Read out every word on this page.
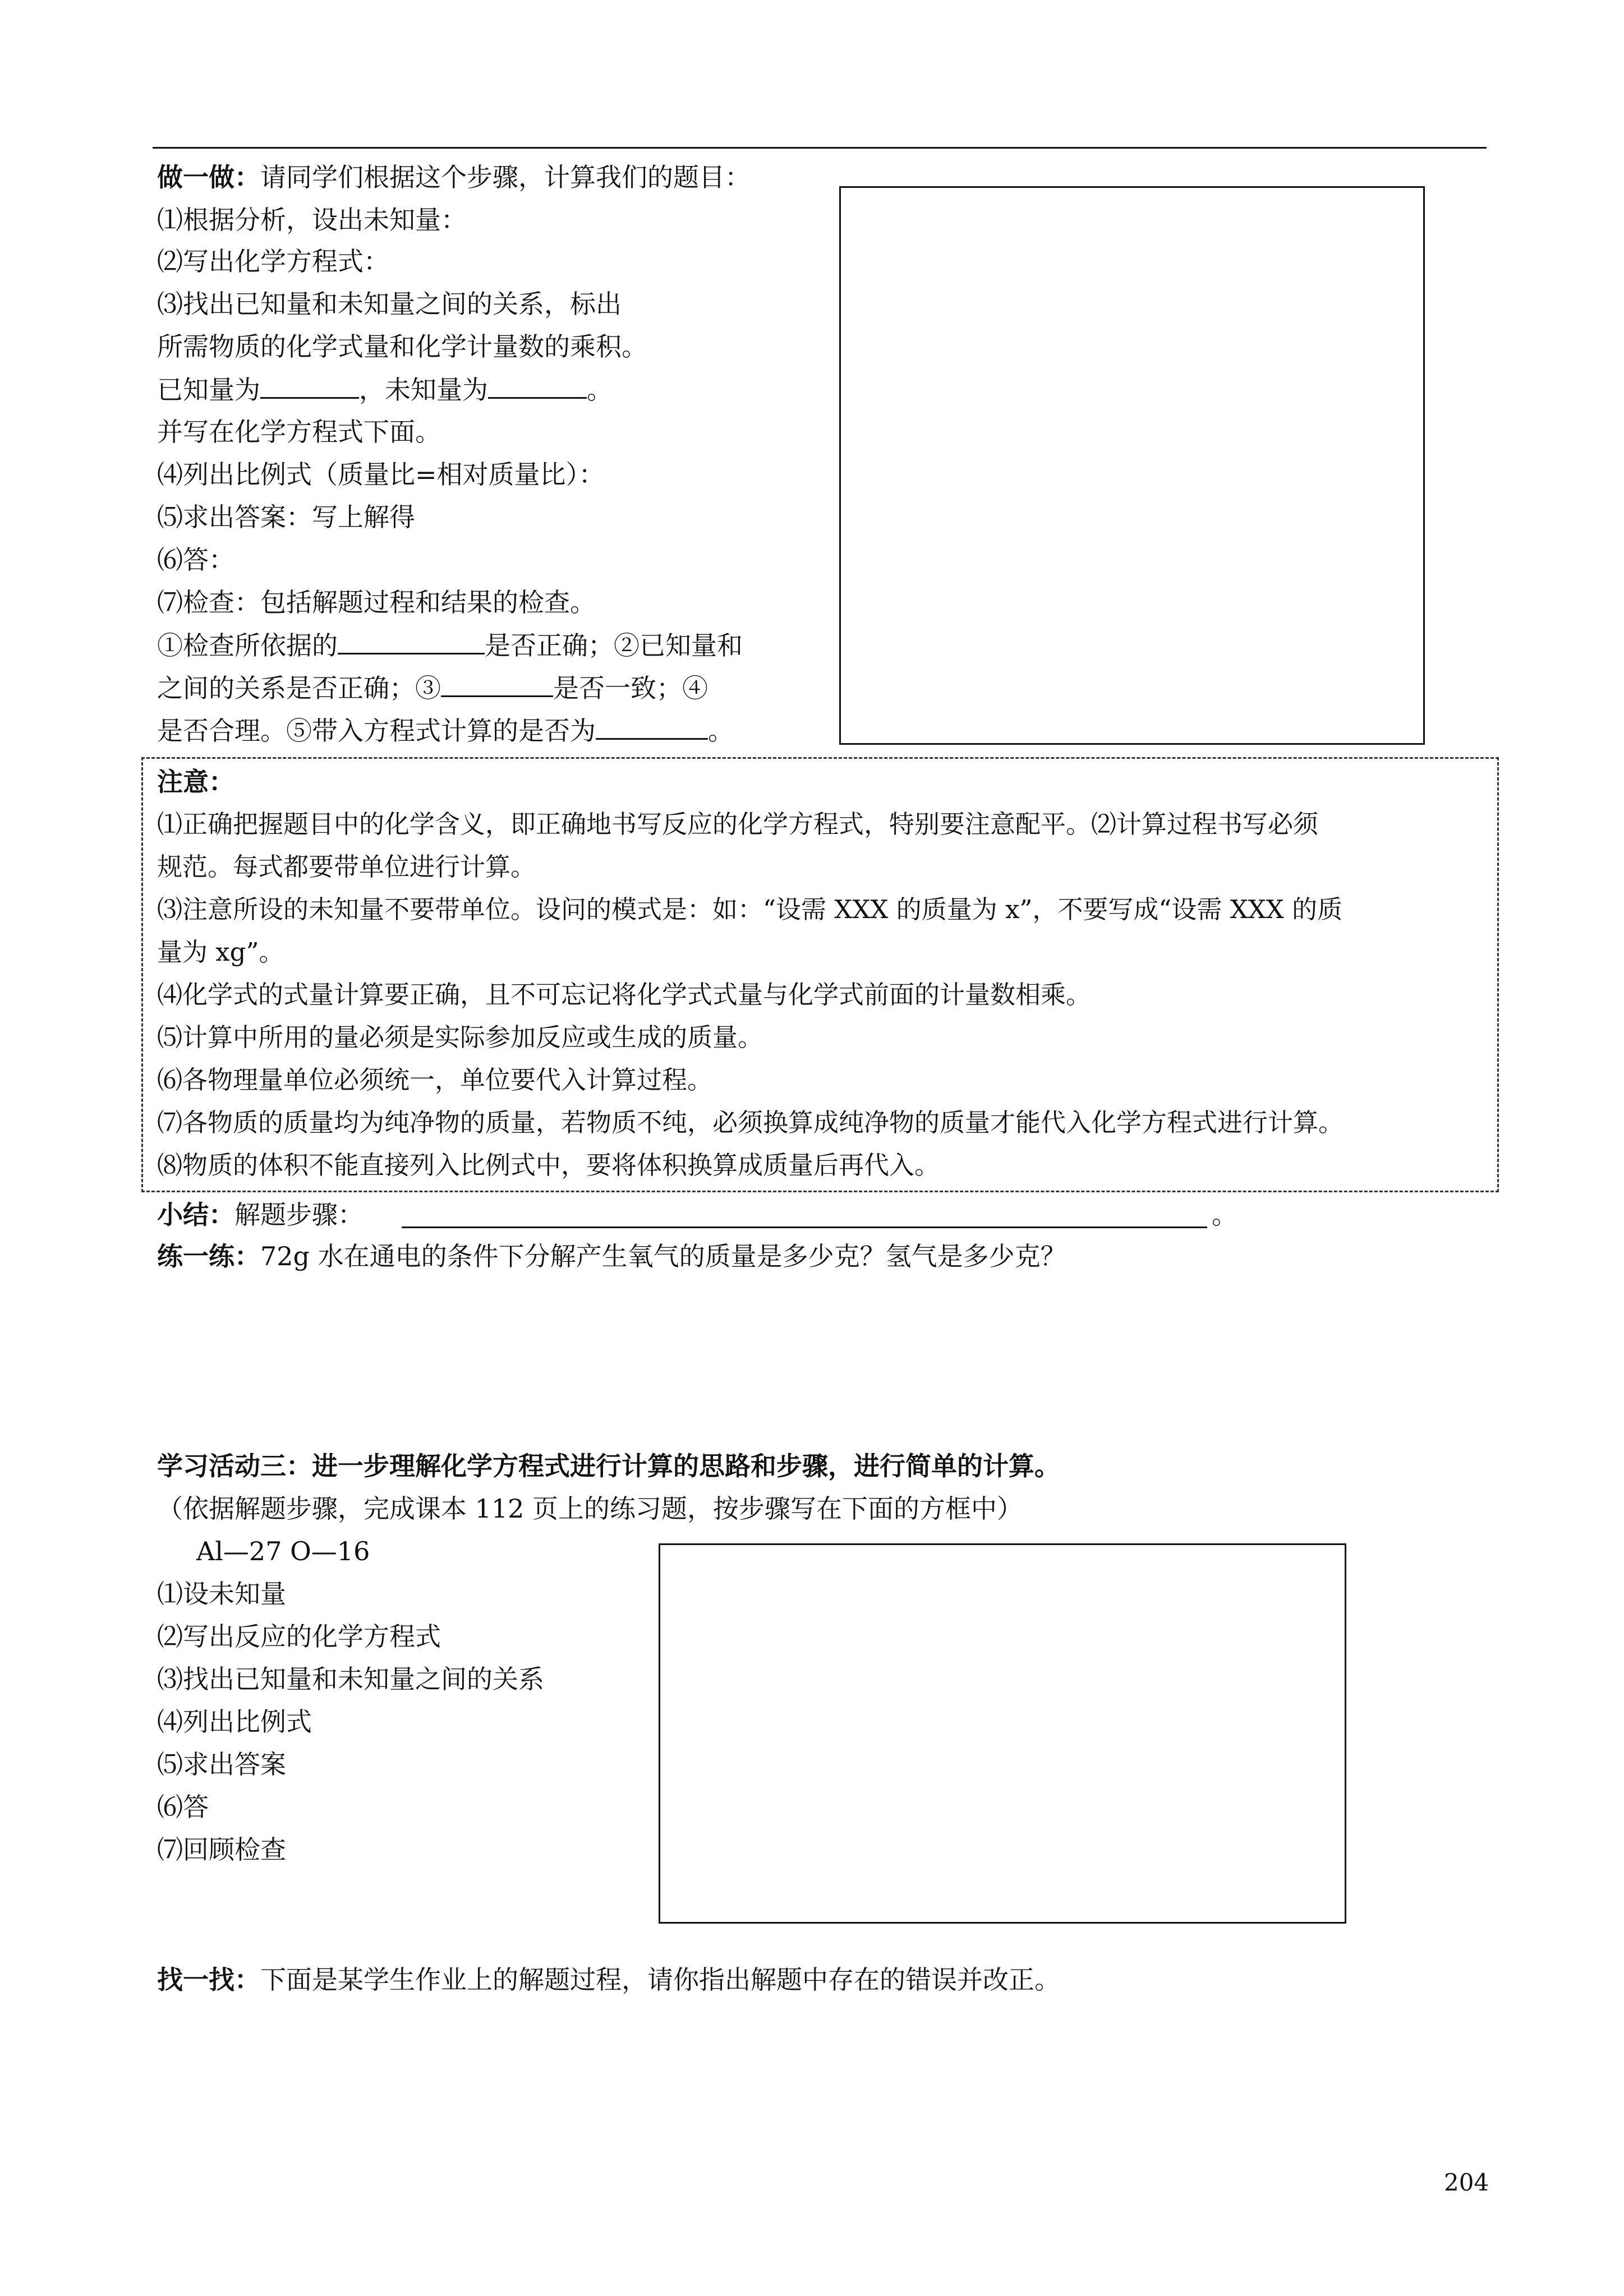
做一做：请同学们根据这个步骤，计算我们的题目：
⑴根据分析，设出未知量：
⑵写出化学方程式：
⑶找出已知量和未知量之间的关系，标出
所需物质的化学式量和化学计量数的乘积。
已知量为	，未知量为	。
并写在化学方程式下面。
⑷列出比例式（质量比=相对质量比）：
⑸求出答案：写上解得
⑹答：
⑺检查：包括解题过程和结果的检查。
①检查所依据的	是否正确；②已知量和
之间的关系是否正确；③	是否一致；④
是否合理。⑤带入方程式计算的是否为	。
注意：
⑴正确把握题目中的化学含义，即正确地书写反应的化学方程式，特别要注意配平。⑵计算过程书写必须
规范。每式都要带单位进行计算。
⑶注意所设的未知量不要带单位。设问的模式是：如：“设需 XXX 的质量为 x”，不要写成“设需 XXX 的质
量为 xg”。
⑷化学式的式量计算要正确，且不可忘记将化学式式量与化学式前面的计量数相乘。
⑸计算中所用的量必须是实际参加反应或生成的质量。
⑹各物理量单位必须统一，单位要代入计算过程。
⑺各物质的质量均为纯净物的质量，若物质不纯，必须换算成纯净物的质量才能代入化学方程式进行计算。
⑻物质的体积不能直接列入比例式中，要将体积换算成质量后再代入。
小结：解题步骤：	。
练一练：72g 水在通电的条件下分解产生氧气的质量是多少克？氢气是多少克？
学习活动三：进一步理解化学方程式进行计算的思路和步骤，进行简单的计算。
（依据解题步骤，完成课本 112 页上的练习题，按步骤写在下面的方框中）
Al—27 O—16
⑴设未知量
⑵写出反应的化学方程式
⑶找出已知量和未知量之间的关系
⑷列出比例式
⑸求出答案
⑹答
⑺回顾检查
找一找：下面是某学生作业上的解题过程，请你指出解题中存在的错误并改正。
204
